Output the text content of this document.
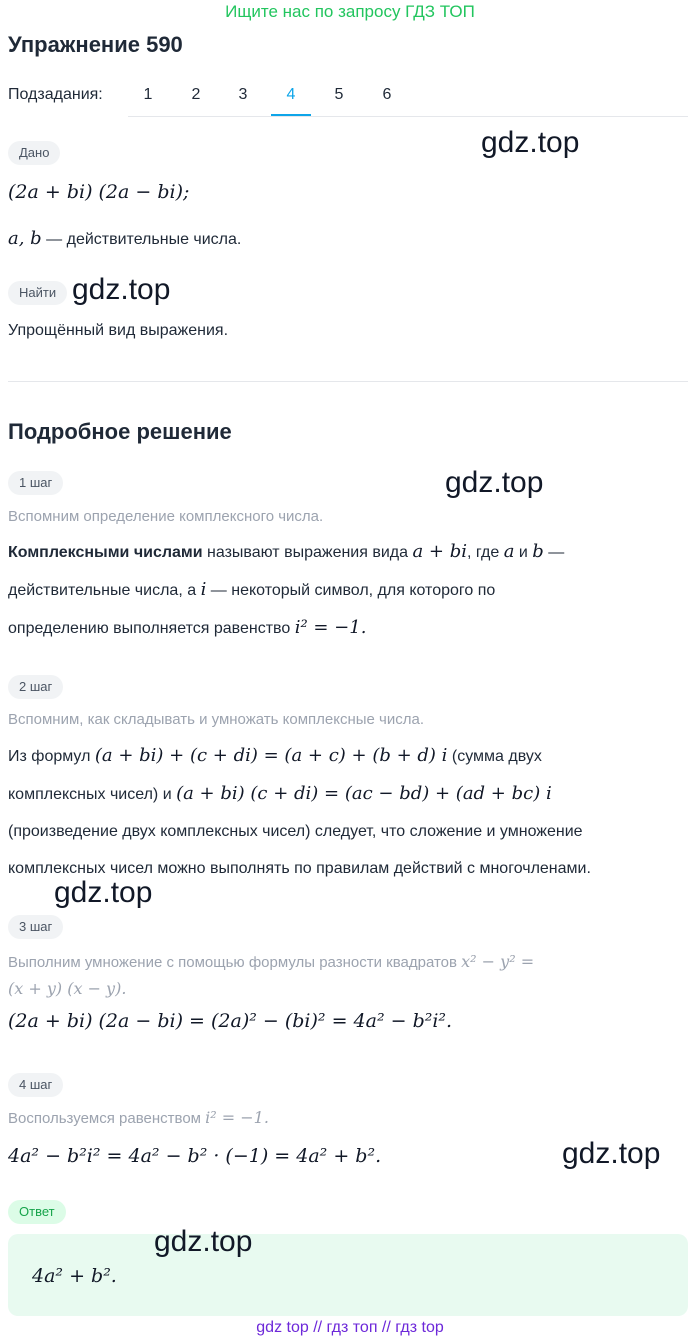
Ищите нас по запросу ГДЗ ТОП
Упражнение 590
Подзадания:	1	2	3	4	5	6
Дано	gdz.top
(2a + bi) (2a − bi);
a, b — действительные числа.
Найти gdz.top
Упрощённый вид выражения.
Подробное решение
1 шаг	gdz.top
Вспомним определение комплексного числа.
Комплексными числами называют выражения вида a + bi, где a и b —
действительные числа, а i — некоторый символ, для которого по
определению выполняется равенство i² = −1.
2 шаг
Вспомним, как складывать и умножать комплексные числа.
Из формул (a + bi) + (c + di) = (a + c) + (b + d) i (сумма двух
комплексных чисел) и (a + bi) (c + di) = (ac − bd) + (ad + bc) i
(произведение двух комплексных чисел) следует, что сложение и умножение
комплексных чисел можно выполнять по правилам действий с многочленами.
gdz.top
3 шаг
Выполним умножение с помощью формулы разности квадратов x² − y² =
(x + y) (x − y).
(2a + bi) (2a − bi) = (2a)² − (bi)² = 4a² − b²i².
4 шаг
Воспользуемся равенством i² = −1.
4a² − b²i² = 4a² − b² · (−1) = 4a² + b².	gdz.top
Ответ
4a² + b².
gdz.top
gdz top // гдз топ // гдз top
